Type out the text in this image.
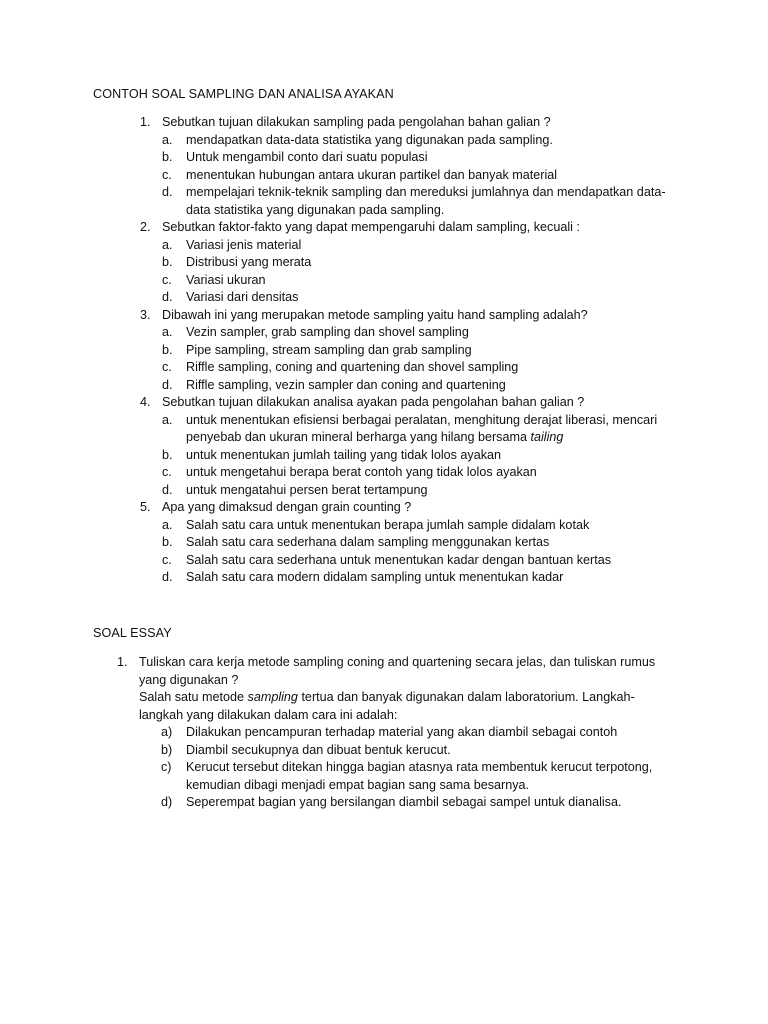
CONTOH SOAL SAMPLING DAN ANALISA AYAKAN
1. Sebutkan tujuan dilakukan sampling pada pengolahan bahan galian ?
a. mendapatkan data-data statistika yang digunakan pada sampling.
b. Untuk mengambil conto dari suatu populasi
c. menentukan hubungan antara ukuran partikel dan banyak material
d. mempelajari teknik-teknik sampling dan mereduksi jumlahnya dan mendapatkan data-data statistika yang digunakan pada sampling.
2. Sebutkan faktor-fakto yang dapat mempengaruhi dalam sampling, kecuali :
a. Variasi jenis material
b. Distribusi yang merata
c. Variasi ukuran
d. Variasi dari densitas
3. Dibawah ini yang merupakan metode sampling yaitu hand sampling adalah?
a. Vezin sampler, grab sampling dan shovel sampling
b. Pipe sampling, stream sampling dan grab sampling
c. Riffle sampling, coning and quartening dan shovel sampling
d. Riffle sampling, vezin sampler dan coning and quartening
4. Sebutkan tujuan dilakukan analisa ayakan pada pengolahan bahan galian ?
a. untuk menentukan efisiensi berbagai peralatan, menghitung derajat liberasi, mencari penyebab dan ukuran mineral berharga yang hilang bersama tailing
b. untuk menentukan jumlah tailing yang tidak lolos ayakan
c. untuk mengetahui berapa berat contoh yang tidak lolos ayakan
d. untuk mengatahui persen berat tertampung
5. Apa yang dimaksud dengan grain counting ?
a. Salah satu cara untuk menentukan berapa jumlah sample didalam kotak
b. Salah satu cara sederhana dalam sampling menggunakan kertas
c. Salah satu cara sederhana untuk menentukan kadar dengan bantuan kertas
d. Salah satu cara modern didalam sampling untuk menentukan kadar
SOAL ESSAY
1. Tuliskan cara kerja metode sampling coning and quartening secara jelas, dan tuliskan rumus yang digunakan ?
Salah satu metode sampling tertua dan banyak digunakan dalam laboratorium. Langkah-langkah yang dilakukan dalam cara ini adalah:
a) Dilakukan pencampuran terhadap material yang akan diambil sebagai contoh
b) Diambil secukupnya dan dibuat bentuk kerucut.
c) Kerucut tersebut ditekan hingga bagian atasnya rata membentuk kerucut terpotong, kemudian dibagi menjadi empat bagian sang sama besarnya.
d) Seperempat bagian yang bersilangan diambil sebagai sampel untuk dianalisa.
